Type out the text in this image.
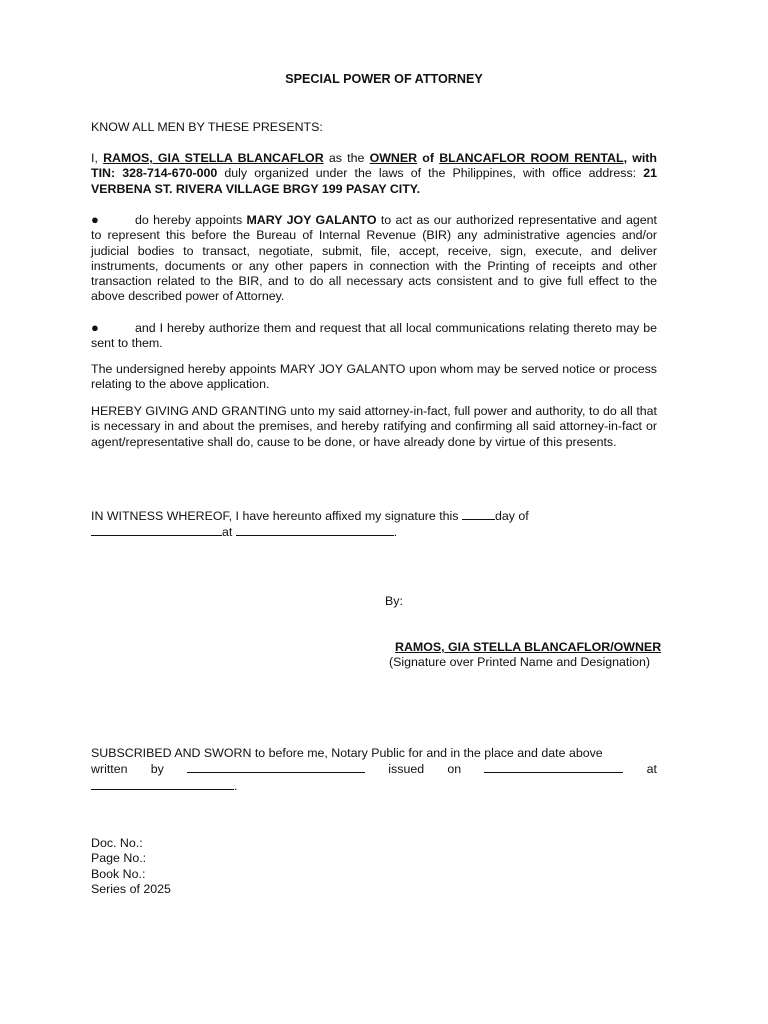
SPECIAL POWER OF ATTORNEY

KNOW ALL MEN BY THESE PRESENTS:

I, RAMOS, GIA STELLA BLANCAFLOR as the OWNER of BLANCAFLOR ROOM RENTAL, with TIN: 328-714-670-000 duly organized under the laws of the Philippines, with office address: 21 VERBENA ST. RIVERA VILLAGE BRGY 199 PASAY CITY.

●	do hereby appoints MARY JOY GALANTO to act as our authorized representative and agent to represent this before the Bureau of Internal Revenue (BIR) any administrative agencies and/or judicial bodies to transact, negotiate, submit, file, accept, receive, sign, execute, and deliver instruments, documents or any other papers in connection with the Printing of receipts and other transaction related to the BIR, and to do all necessary acts consistent and to give full effect to the above described power of Attorney.

●	and I hereby authorize them and request that all local communications relating thereto may be sent to them.

The undersigned hereby appoints MARY JOY GALANTO upon whom may be served notice or process relating to the above application.

HEREBY GIVING AND GRANTING unto my said attorney-in-fact, full power and authority, to do all that is necessary in and about the premises, and hereby ratifying and confirming all said attorney-in-fact or agent/representative shall do, cause to be done, or have already done by virtue of this presents.

IN WITNESS WHEREOF, I have hereunto affixed my signature this	day of
at	.
By:
RAMOS, GIA STELLA BLANCAFLOR/OWNER
(Signature over Printed Name and Designation)
SUBSCRIBED AND SWORN to before me, Notary Public for and in the place and date above
written by	issued on	at
.

Doc. No.:

Page No.:

Book No.:

Series of 2025
